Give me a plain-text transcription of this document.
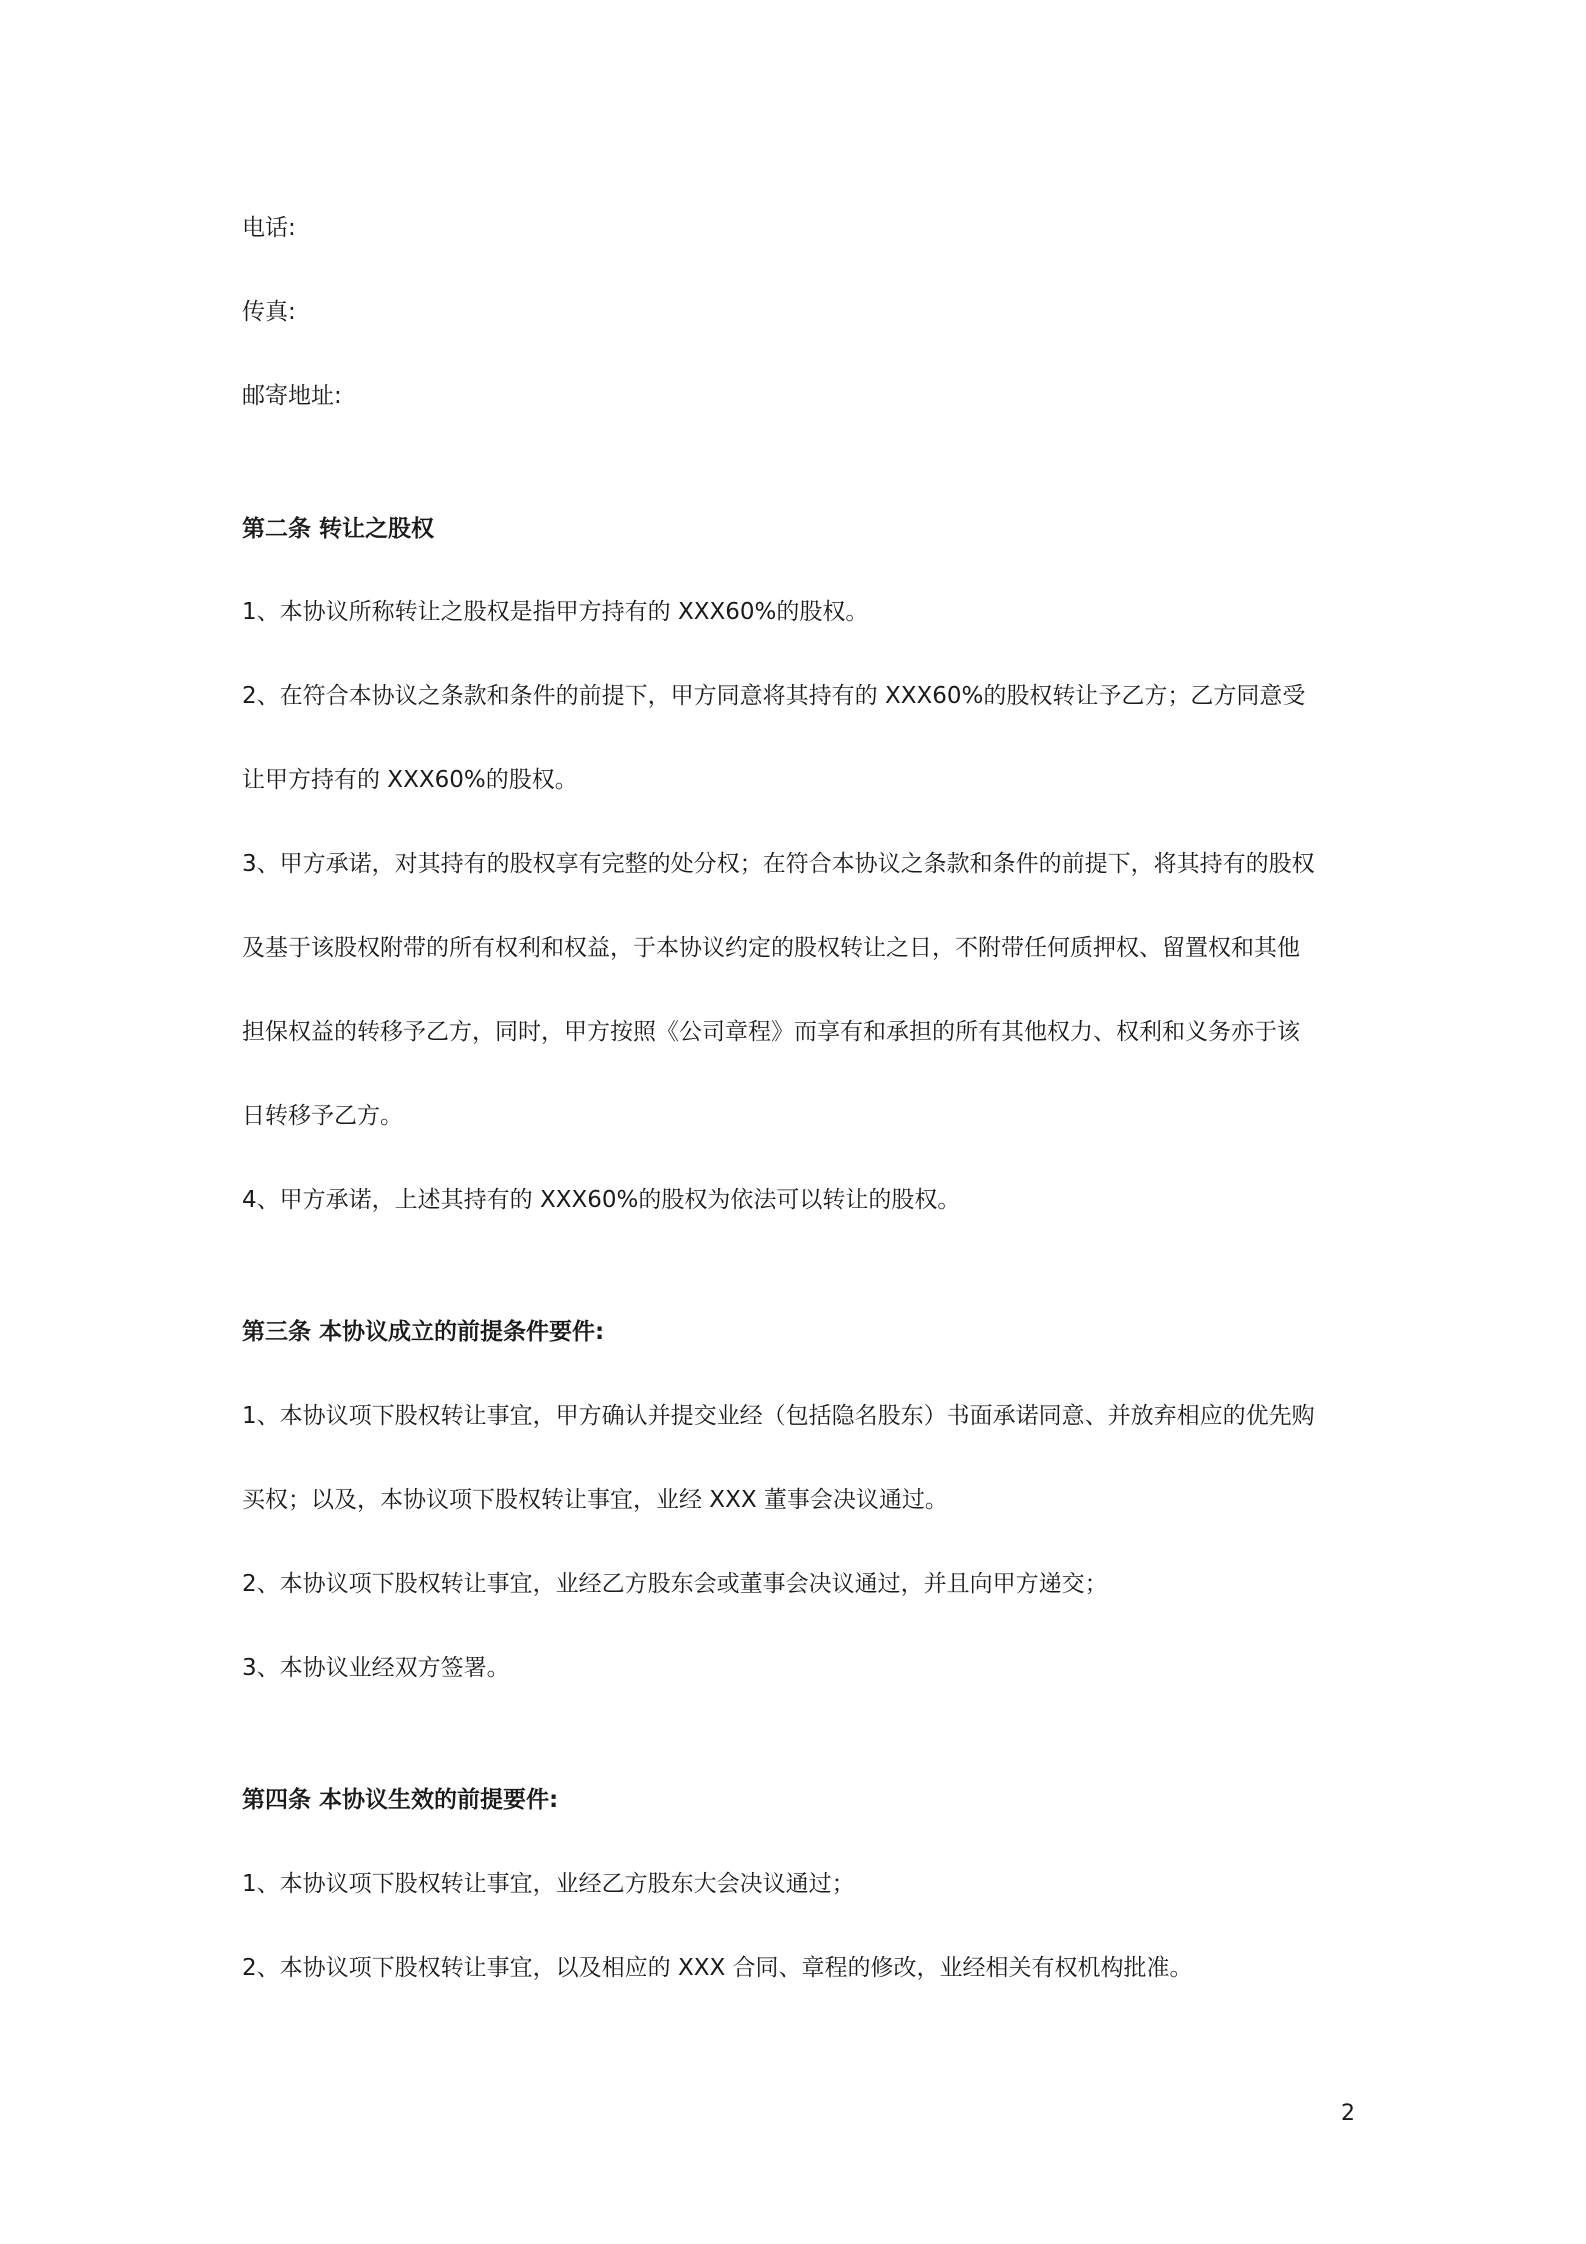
电话:
传真:
邮寄地址:
第二条 转让之股权
1、本协议所称转让之股权是指甲方持有的 XXX60%的股权。
2、在符合本协议之条款和条件的前提下，甲方同意将其持有的 XXX60%的股权转让予乙方；乙方同意受
让甲方持有的 XXX60%的股权。
3、甲方承诺，对其持有的股权享有完整的处分权；在符合本协议之条款和条件的前提下，将其持有的股权
及基于该股权附带的所有权利和权益，于本协议约定的股权转让之日，不附带任何质押权、留置权和其他
担保权益的转移予乙方，同时，甲方按照《公司章程》而享有和承担的所有其他权力、权利和义务亦于该
日转移予乙方。
4、甲方承诺，上述其持有的 XXX60%的股权为依法可以转让的股权。
第三条 本协议成立的前提条件要件:
1、本协议项下股权转让事宜，甲方确认并提交业经（包括隐名股东）书面承诺同意、并放弃相应的优先购
买权；以及，本协议项下股权转让事宜，业经 XXX 董事会决议通过。
2、本协议项下股权转让事宜，业经乙方股东会或董事会决议通过，并且向甲方递交；
3、本协议业经双方签署。
第四条 本协议生效的前提要件:
1、本协议项下股权转让事宜，业经乙方股东大会决议通过；
2、本协议项下股权转让事宜，以及相应的 XXX 合同、章程的修改，业经相关有权机构批准。
2
